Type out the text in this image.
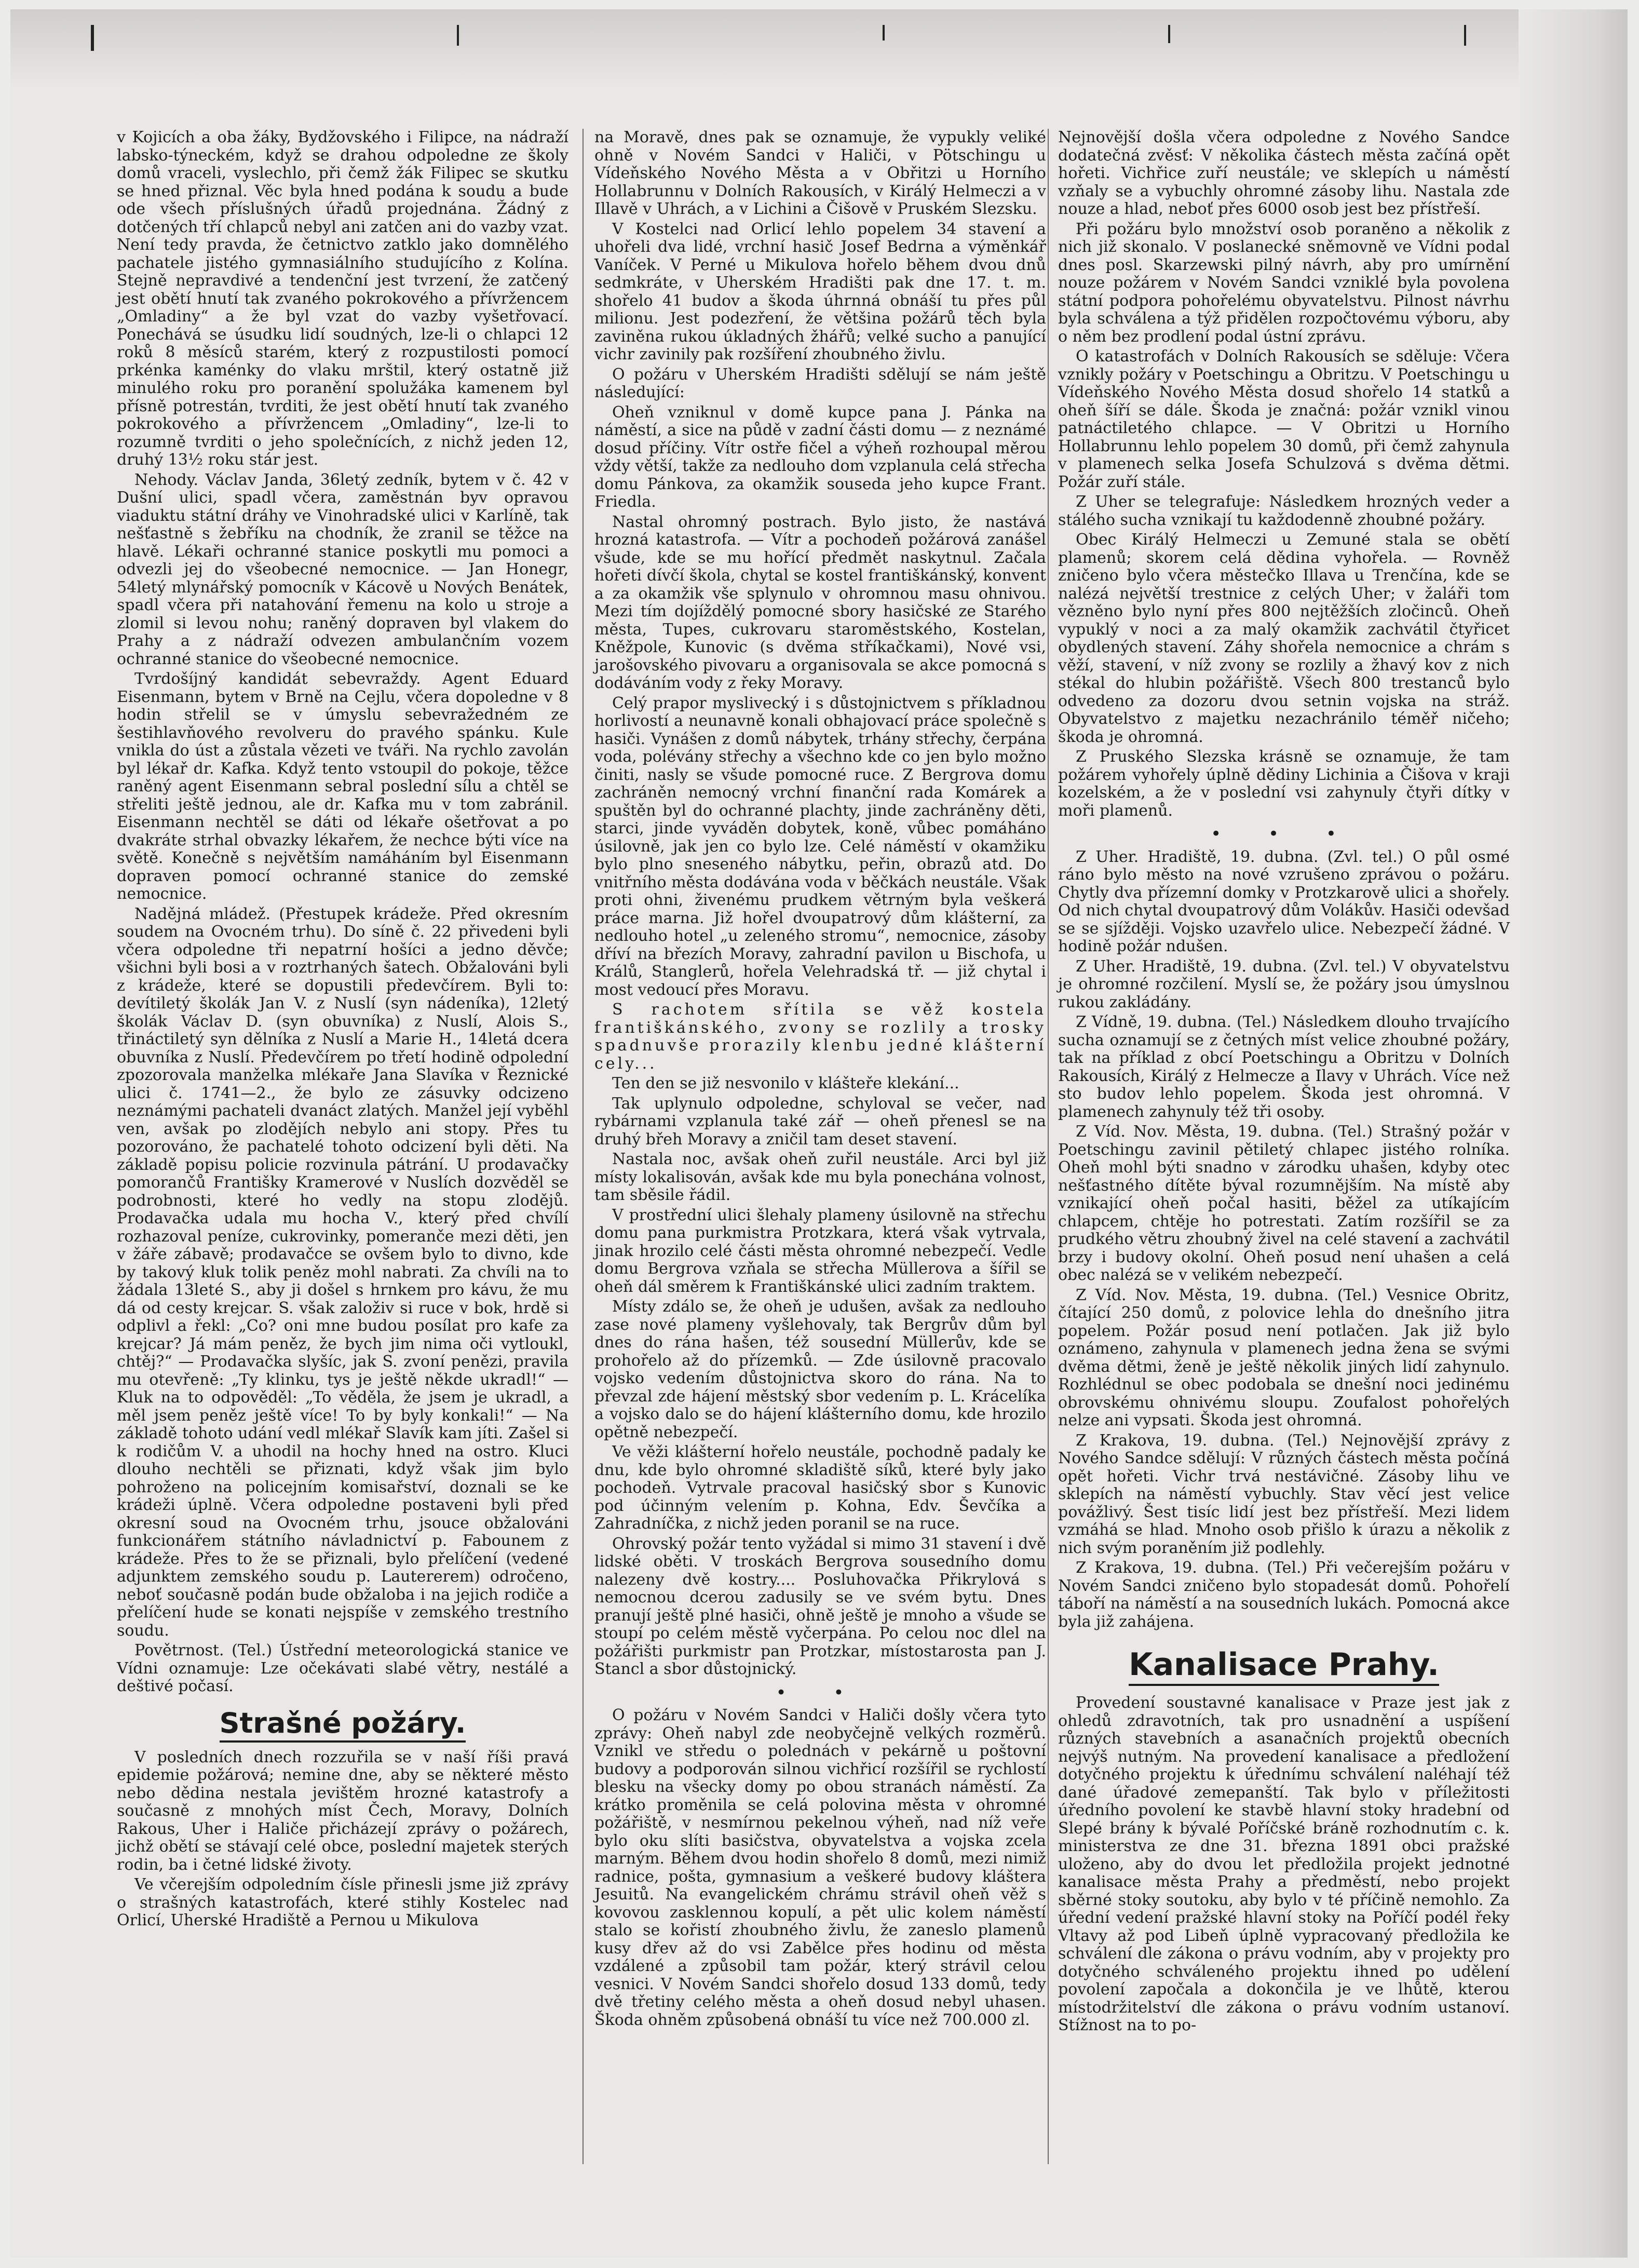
v Kojicích a oba žáky, Bydžovského i Filipce, na nádraží labsko-týneckém, když se drahou odpoledne ze školy domů vraceli, vyslechlo, při čemž žák Filipec se skutku se hned přiznal. Věc byla hned podána k soudu a bude ode všech příslušných úřadů projednána. Žádný z dotčených tří chlapců nebyl ani zatčen ani do vazby vzat. Není tedy pravda, že četnictvo zatklo jako domnělého pachatele jistého gymnasiálního studujícího z Kolína. Stejně nepravdivé a tendenční jest tvrzení, že zatčený jest obětí hnutí tak zvaného pokrokového a přívržencem „Omladiny“ a že byl vzat do vazby vyšetřovací. Ponechává se úsudku lidí soudných, lze-li o chlapci 12 roků 8 měsíců starém, který z rozpustilosti pomocí prkénka kaménky do vlaku mrštil, který ostatně již minulého roku pro poranění spolužáka kamenem byl přísně potrestán, tvrditi, že jest obětí hnutí tak zvaného pokrokového a přívržencem „Omladiny“, lze-li to rozumně tvrditi o jeho společnících, z nichž jeden 12, druhý 13½ roku stár jest.

Nehody. Václav Janda, 36letý zedník, bytem v č. 42 v Dušní ulici, spadl včera, zaměstnán byv opravou viaduktu státní dráhy ve Vinohradské ulici v Karlíně, tak nešťastně s žebříku na chodník, že zranil se těžce na hlavě. Lékaři ochranné stanice poskytli mu pomoci a odvezli jej do všeobecné nemocnice. — Jan Honegr, 54letý mlynářský pomocník v Kácově u Nových Benátek, spadl včera při natahování řemenu na kolo u stroje a zlomil si levou nohu; raněný dopraven byl vlakem do Prahy a z nádraží odvezen ambulančním vozem ochranné stanice do všeobecné nemocnice.

Tvrdošíjný kandidát sebevraždy. Agent Eduard Eisenmann, bytem v Brně na Cejlu, včera dopoledne v 8 hodin střelil se v úmyslu sebevražedném ze šestihlavňového revolveru do pravého spánku. Kule vnikla do úst a zůstala vězeti ve tváři. Na rychlo zavolán byl lékař dr. Kafka. Když tento vstoupil do pokoje, těžce raněný agent Eisenmann sebral poslední sílu a chtěl se střeliti ještě jednou, ale dr. Kafka mu v tom zabránil. Eisenmann nechtěl se dáti od lékaře ošetřovat a po dvakráte strhal obvazky lékařem, že nechce býti více na světě. Konečně s největším namáháním byl Eisenmann dopraven pomocí ochranné stanice do zemské nemocnice.

Nadějná mládež. (Přestupek krádeže. Před okresním soudem na Ovocném trhu). Do síně č. 22 přivedeni byli včera odpoledne tři nepatrní hošíci a jedno děvče; všichni byli bosi a v roztrhaných šatech. Obžalováni byli z krádeže, které se dopustili předevčírem. Byli to: devítiletý školák Jan V. z Nuslí (syn nádeníka), 12letý školák Václav D. (syn obuvníka) z Nuslí, Alois S., třináctiletý syn dělníka z Nuslí a Marie H., 14letá dcera obuvníka z Nuslí. Předevčírem po třetí hodině odpolední zpozorovala manželka mlékaře Jana Slavíka v Řeznické ulici č. 1741—2., že bylo ze zásuvky odcizeno neznámými pachateli dvanáct zlatých. Manžel její vyběhl ven, avšak po zlodějích nebylo ani stopy. Přes tu pozorováno, že pachatelé tohoto odcizení byli děti. Na základě popisu policie rozvinula pátrání. U prodavačky pomorančů Františky Kramerové v Nuslích dozvěděl se podrobnosti, které ho vedly na stopu zlodějů. Prodavačka udala mu hocha V., který před chvílí rozhazoval peníze, cukrovinky, pomeranče mezi děti, jen v žáře zábavě; prodavačce se ovšem bylo to divno, kde by takový kluk tolik peněz mohl nabrati. Za chvíli na to žádala 13leté S., aby ji došel s hrnkem pro kávu, že mu dá od cesty krejcar. S. však založiv si ruce v bok, hrdě si odplivl a řekl: „Co? oni mne budou posílat pro kafe za krejcar? Já mám peněz, že bych jim nima oči vytloukl, chtěj?“ — Prodavačka slyšíc, jak S. zvoní penězi, pravila mu otevřeně: „Ty klinku, tys je ještě někde ukradl!“ — Kluk na to odpověděl: „To věděla, že jsem je ukradl, a měl jsem peněz ještě více! To by byly konkali!“ — Na základě tohoto udání vedl mlékař Slavík kam jíti. Zašel si k rodičům V. a uhodil na hochy hned na ostro. Kluci dlouho nechtěli se přiznati, když však jim bylo pohroženo na policejním komisařství, doznali se ke krádeži úplně. Včera odpoledne postaveni byli před okresní soud na Ovocném trhu, jsouce obžalováni funkcionářem státního návladnictví p. Fabounem z krádeže. Přes to že se přiznali, bylo přelíčení (vedené adjunktem zemského soudu p. Lautererem) odročeno, neboť současně podán bude obžaloba i na jejich rodiče a přelíčení hude se konati nejspíše v zemského trestního soudu.

Povětrnost. (Tel.) Ústřední meteorologická stanice ve Vídni oznamuje: Lze očekávati slabé větry, nestálé a deštivé počasí.

Strašné požáry.

V posledních dnech rozzuřila se v naší říši pravá epidemie požárová; nemine dne, aby se některé město nebo dědina nestala jevištěm hrozné katastrofy a současně z mnohých míst Čech, Moravy, Dolních Rakous, Uher i Haliče přicházejí zprávy o požárech, jichž obětí se stávají celé obce, poslední majetek sterých rodin, ba i četné lidské životy.

Ve včerejším odpoledním čísle přinesli jsme již zprávy o strašných katastrofách, které stihly Kostelec nad Orlicí, Uherské Hradiště a Pernou u Mikulova

na Moravě, dnes pak se oznamuje, že vypukly veliké ohně v Novém Sandci v Haliči, v Pötschingu u Vídeňského Nového Města a v Obřitzi u Horního Hollabrunnu v Dolních Rakousích, v Királý Helmeczi a v Illavě v Uhrách, a v Lichini a Čišově v Pruském Slezsku.

V Kostelci nad Orlicí lehlo popelem 34 stavení a uhořeli dva lidé, vrchní hasič Josef Bedrna a výměnkář Vaníček. V Perné u Mikulova hořelo během dvou dnů sedmkráte, v Uherském Hradišti pak dne 17. t. m. shořelo 41 budov a škoda úhrnná obnáší tu přes půl milionu. Jest podezření, že většina požárů těch byla zaviněna rukou úkladných žhářů; velké sucho a panující vichr zavinily pak rozšíření zhoubného živlu.

O požáru v Uherském Hradišti sdělují se nám ještě následující:

Oheň vzniknul v domě kupce pana J. Pánka na náměstí, a sice na půdě v zadní části domu — z neznámé dosud příčiny. Vítr ostře fičel a výheň rozhoupal měrou vždy větší, takže za nedlouho dom vzplanula celá střecha domu Pánkova, za okamžik souseda jeho kupce Frant. Friedla.

Nastal ohromný postrach. Bylo jisto, že nastává hrozná katastrofa. — Vítr a pochodeň požárová zanášel všude, kde se mu hořící předmět naskytnul. Začala hořeti dívčí škola, chytal se kostel františkánský, konvent a za okamžik vše splynulo v ohromnou masu ohnivou. Mezi tím dojíždělý pomocné sbory hasičské ze Starého města, Tupes, cukrovaru staroměstského, Kostelan, Kněžpole, Kunovic (s dvěma stříkačkami), Nové vsi, jarošovského pivovaru a organisovala se akce pomocná s dodáváním vody z řeky Moravy.

Celý prapor myslivecký i s důstojnictvem s příkladnou horlivostí a neunavně konali obhajovací práce společně s hasiči. Vynášen z domů nábytek, trhány střechy, čerpána voda, polévány střechy a všechno kde co jen bylo možno činiti, nasly se všude pomocné ruce. Z Bergrova domu zachráněn nemocný vrchní finanční rada Komárek a spuštěn byl do ochranné plachty, jinde zachráněny děti, starci, jinde vyváděn dobytek, koně, vůbec pomáháno úsilovně, jak jen co bylo lze. Celé náměstí v okamžiku bylo plno sneseného nábytku, peřin, obrazů atd. Do vnitřního města dodávána voda v běčkách neustále. Však proti ohni, živenému prudkem větrným byla veškerá práce marna. Již hořel dvoupatrový dům klášterní, za nedlouho hotel „u zeleného stromu“, nemocnice, zásoby dříví na březích Moravy, zahradní pavilon u Bischofa, u Králů, Stanglerů, hořela Velehradská tř. — již chytal i most vedoucí přes Moravu.

S rachotem sřítila se věž kostela františkánského, zvony se rozlily a trosky spadnuvše prorazily klenbu jedné klášterní cely...

Ten den se již nesvonilo v klášteře klekání...

Tak uplynulo odpoledne, schyloval se večer, nad rybárnami vzplanula také zář — oheň přenesl se na druhý břeh Moravy a zničil tam deset stavení.

Nastala noc, avšak oheň zuřil neustále. Arci byl již místy lokalisován, avšak kde mu byla ponechána volnost, tam sběsile řádil.

V prostřední ulici šlehaly plameny úsilovně na střechu domu pana purkmistra Protzkara, která však vytrvala, jinak hrozilo celé části města ohromné nebezpečí. Vedle domu Bergrova vzňala se střecha Müllerova a šířil se oheň dál směrem k Františkánské ulici zadním traktem.

Místy zdálo se, že oheň je udušen, avšak za nedlouho zase nové plameny vyšlehovaly, tak Bergrův dům byl dnes do rána hašen, též sousední Müllerův, kde se prohořelo až do přízemků. — Zde úsilovně pracovalo vojsko vedením důstojnictva skoro do rána. Na to převzal zde hájení městský sbor vedením p. L. Krácelíka a vojsko dalo se do hájení klášterního domu, kde hrozilo opětně nebezpečí.

Ve věži klášterní hořelo neustále, pochodně padaly ke dnu, kde bylo ohromné skladiště síků, které byly jako pochodeň. Vytrvale pracoval hasičský sbor s Kunovic pod účinným velením p. Kohna, Edv. Ševčíka a Zahradníčka, z nichž jeden poranil se na ruce.

Ohrovský požár tento vyžádal si mimo 31 stavení i dvě lidské oběti. V troskách Bergrova sousedního domu nalezeny dvě kostry.... Posluhovačka Přikrylová s nemocnou dcerou zadusily se ve svém bytu. Dnes pranují ještě plné hasiči, ohně ještě je mnoho a všude se stoupí po celém městě vyčerpána. Po celou noc dlel na požářišti purkmistr pan Protzkar, místostarosta pan J. Stancl a sbor důstojnický.

• •

O požáru v Novém Sandci v Haliči došly včera tyto zprávy: Oheň nabyl zde neobyčejně velkých rozměrů. Vznikl ve středu o polednách v pekárně u poštovní budovy a podporován silnou vichřicí rozšířil se rychlostí blesku na všecky domy po obou stranách náměstí. Za krátko proměnila se celá polovina města v ohromné požářiště, v nesmírnou pekelnou výheň, nad níž veře bylo oku slíti basičstva, obyvatelstva a vojska zcela marným. Během dvou hodin shořelo 8 domů, mezi nimiž radnice, pošta, gymnasium a veškeré budovy kláštera Jesuitů. Na evangelickém chrámu strávil oheň věž s kovovou zasklennou kopulí, a pět ulic kolem náměstí stalo se kořistí zhoubného živlu, že zaneslo plamenů kusy dřev až do vsi Zabělce přes hodinu od města vzdálené a způsobil tam požár, který strávil celou vesnici. V Novém Sandci shořelo dosud 133 domů, tedy dvě třetiny celého města a oheň dosud nebyl uhasen. Škoda ohněm způsobená obnáší tu více než 700.000 zl.

Nejnovější došla včera odpoledne z Nového Sandce dodatečná zvěsť: V několika částech města začíná opět hořeti. Vichřice zuří neustále; ve sklepích u náměstí vzňaly se a vybuchly ohromné zásoby lihu. Nastala zde nouze a hlad, neboť přes 6000 osob jest bez přístřeší.

Při požáru bylo množství osob poraněno a několik z nich již skonalo. V poslanecké sněmovně ve Vídni podal dnes posl. Skarzewski pilný návrh, aby pro umírnění nouze požárem v Novém Sandci vzniklé byla povolena státní podpora pohořelému obyvatelstvu. Pilnost návrhu byla schválena a týž přidělen rozpočtovému výboru, aby o něm bez prodlení podal ústní zprávu.

O katastrofách v Dolních Rakousích se sděluje: Včera vznikly požáry v Poetschingu a Obritzu. V Poetschingu u Vídeňského Nového Města dosud shořelo 14 statků a oheň šíří se dále. Škoda je značná: požár vznikl vinou patnáctiletého chlapce. — V Obritzi u Horního Hollabrunnu lehlo popelem 30 domů, při čemž zahynula v plamenech selka Josefa Schulzová s dvěma dětmi. Požár zuří stále.

Z Uher se telegrafuje: Následkem hrozných veder a stálého sucha vznikají tu každodenně zhoubné požáry.

Obec Királý Helmeczi u Zemuné stala se obětí plamenů; skorem celá dědina vyhořela. — Rovněž zničeno bylo včera městečko Illava u Trenčína, kde se nalézá největší trestnice z celých Uher; v žaláři tom vězněno bylo nyní přes 800 nejtěžších zločinců. Oheň vypuklý v noci a za malý okamžik zachvátil čtyřicet obydlených stavení. Záhy shořela nemocnice a chrám s věží, stavení, v níž zvony se rozlily a žhavý kov z nich stékal do hlubin požářiště. Všech 800 trestanců bylo odvedeno za dozoru dvou setnin vojska na stráž. Obyvatelstvo z majetku nezachránilo téměř ničeho; škoda je ohromná.

Z Pruského Slezska krásně se oznamuje, že tam požárem vyhořely úplně dědiny Lichinia a Čišova v kraji kozelském, a že v poslední vsi zahynuly čtyři dítky v moři plamenů.

• • •

Z Uher. Hradiště, 19. dubna. (Zvl. tel.) O půl osmé ráno bylo město na nové vzrušeno zprávou o požáru. Chytly dva přízemní domky v Protzkarově ulici a shořely. Od nich chytal dvoupatrový dům Volákův. Hasiči odevšad se se sjížději. Vojsko uzavřelo ulice. Nebezpečí žádné. V hodině požár ndušen.

Z Uher. Hradiště, 19. dubna. (Zvl. tel.) V obyvatelstvu je ohromné rozčilení. Myslí se, že požáry jsou úmyslnou rukou zakládány.

Z Vídně, 19. dubna. (Tel.) Následkem dlouho trvajícího sucha oznamují se z četných míst velice zhoubné požáry, tak na příklad z obcí Poetschingu a Obritzu v Dolních Rakousích, Királý z Helmecze a Ilavy v Uhrách. Více než sto budov lehlo popelem. Škoda jest ohromná. V plamenech zahynuly též tři osoby.

Z Víd. Nov. Města, 19. dubna. (Tel.) Strašný požár v Poetschingu zavinil pětiletý chlapec jistého rolníka. Oheň mohl býti snadno v zárodku uhašen, kdyby otec nešťastného dítěte býval rozumnějším. Na místě aby vznikající oheň počal hasiti, běžel za utíkajícím chlapcem, chtěje ho potrestati. Zatím rozšířil se za prudkého větru zhoubný živel na celé stavení a zachvátil brzy i budovy okolní. Oheň posud není uhašen a celá obec nalézá se v velikém nebezpečí.

Z Víd. Nov. Města, 19. dubna. (Tel.) Vesnice Obritz, čítající 250 domů, z polovice lehla do dnešního jitra popelem. Požár posud není potlačen. Jak již bylo oznámeno, zahynula v plamenech jedna žena se svými dvěma dětmi, ženě je ještě několik jiných lidí zahynulo. Rozhlédnul se obec podobala se dnešní noci jedinému obrovskému ohnivému sloupu. Zoufalost pohořelých nelze ani vypsati. Škoda jest ohromná.

Z Krakova, 19. dubna. (Tel.) Nejnovější zprávy z Nového Sandce sdělují: V různých částech města počíná opět hořeti. Vichr trvá nestávičné. Zásoby lihu ve sklepích na náměstí vybuchly. Stav věcí jest velice povážlivý. Šest tisíc lidí jest bez přístřeší. Mezi lidem vzmáhá se hlad. Mnoho osob přišlo k úrazu a několik z nich svým poraněním již podlehly.

Z Krakova, 19. dubna. (Tel.) Při večerejším požáru v Novém Sandci zničeno bylo stopadesát domů. Pohořelí táboří na náměstí a na sousedních lukách. Pomocná akce byla již zahájena.

Kanalisace Prahy.

Provedení soustavné kanalisace v Praze jest jak z ohledů zdravotních, tak pro usnadnění a uspíšení různých stavebních a asanačních projektů obecních nejvýš nutným. Na provedení kanalisace a předložení dotyčného projektu k úřednímu schválení naléhají též dané úřadové zemepanští. Tak bylo v příležitosti úředního povolení ke stavbě hlavní stoky hradební od Slepé brány k bývalé Poříčské bráně rozhodnutím c. k. ministerstva ze dne 31. března 1891 obci pražské uloženo, aby do dvou let předložila projekt jednotné kanalisace města Prahy a předměstí, nebo projekt sběrné stoky soutoku, aby bylo v té příčině nemohlo. Za úřední vedení pražské hlavní stoky na Poříčí podél řeky Vltavy až pod Libeň úplně vypracovaný předložila ke schválení dle zákona o právu vodním, aby v projekty pro dotyčného schváleného projektu ihned po udělení povolení započala a dokončila je ve lhůtě, kterou místodržitelství dle zákona o právu vodním ustanoví. Stížnost na to po-
